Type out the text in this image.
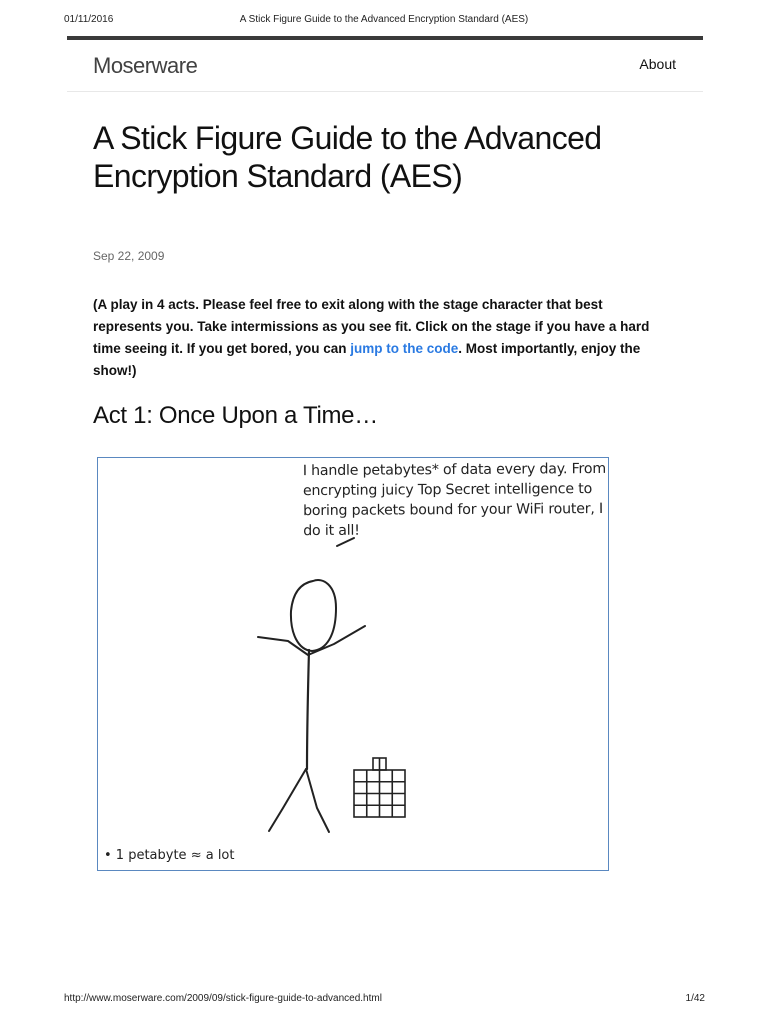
01/11/2016	A Stick Figure Guide to the Advanced Encryption Standard (AES)
Moserware	About
A Stick Figure Guide to the Advanced Encryption Standard (AES)
Sep 22, 2009

(A play in 4 acts. Please feel free to exit along with the stage character that best represents you. Take intermissions as you see fit. Click on the stage if you have a hard time seeing it. If you get bored, you can jump to the code. Most importantly, enjoy the show!)

Act 1: Once Upon a Time…

I handle petabytes* of data every day. From encrypting juicy Top Secret intelligence to boring packets bound for your WiFi router, I do it all!

• 1 petabyte ≈ a lot
http://www.moserware.com/2009/09/stick-figure-guide-to-advanced.html	1/42
